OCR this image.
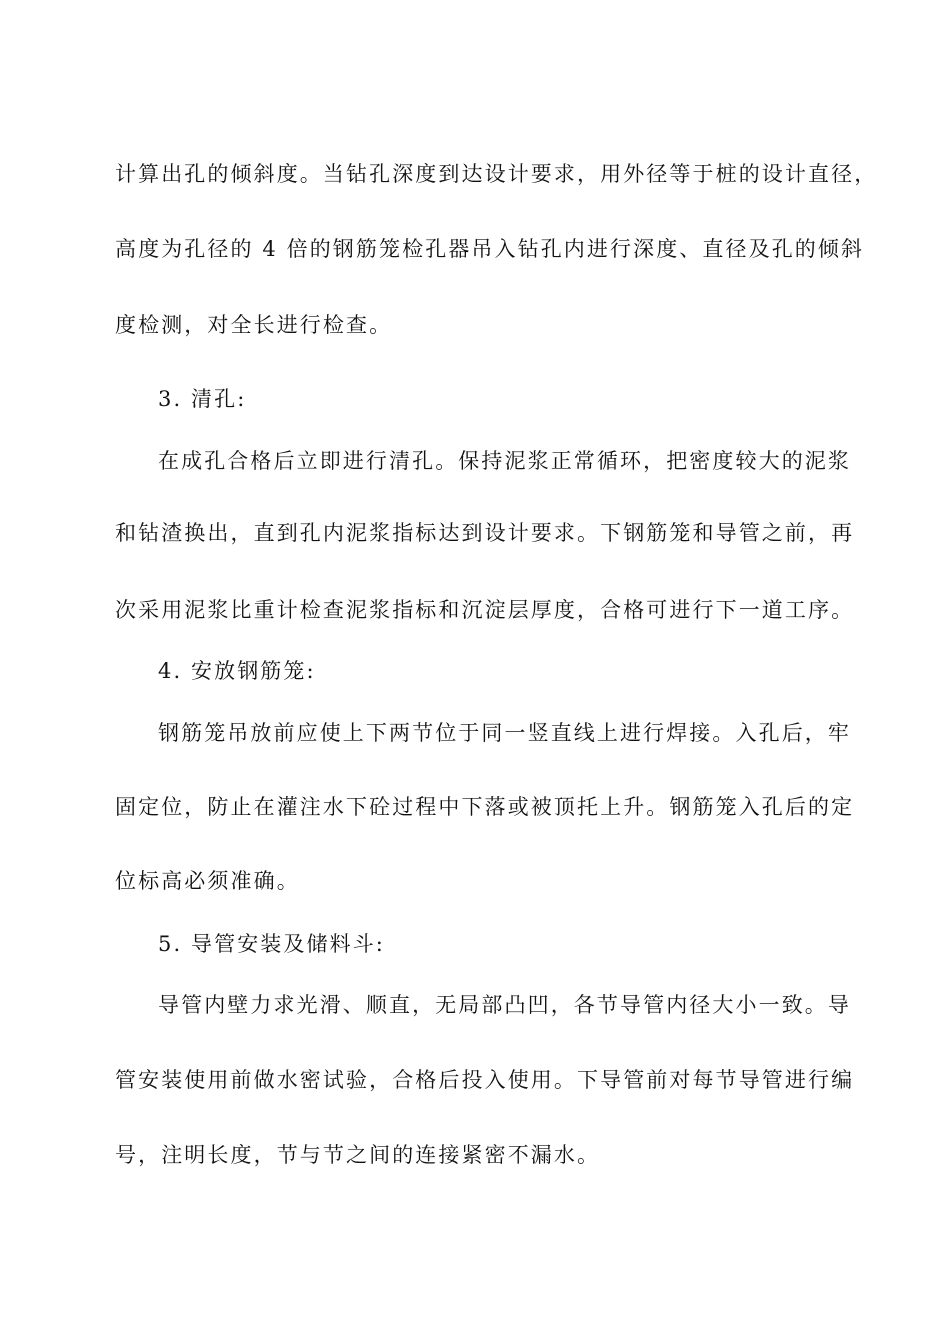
计算出孔的倾斜度。当钻孔深度到达设计要求，用外径等于桩的设计直径，
高度为孔径的 4 倍的钢筋笼检孔器吊入钻孔内进行深度、直径及孔的倾斜
度检测，对全长进行检查。
3. 清孔:
在成孔合格后立即进行清孔。保持泥浆正常循环，把密度较大的泥浆
和钻渣换出，直到孔内泥浆指标达到设计要求。下钢筋笼和导管之前，再
次采用泥浆比重计检查泥浆指标和沉淀层厚度，合格可进行下一道工序。
4. 安放钢筋笼:
钢筋笼吊放前应使上下两节位于同一竖直线上进行焊接。入孔后，牢
固定位，防止在灌注水下砼过程中下落或被顶托上升。钢筋笼入孔后的定
位标高必须准确。
5. 导管安装及储料斗:
导管内壁力求光滑、顺直，无局部凸凹，各节导管内径大小一致。导
管安装使用前做水密试验，合格后投入使用。下导管前对每节导管进行编
号，注明长度，节与节之间的连接紧密不漏水。
